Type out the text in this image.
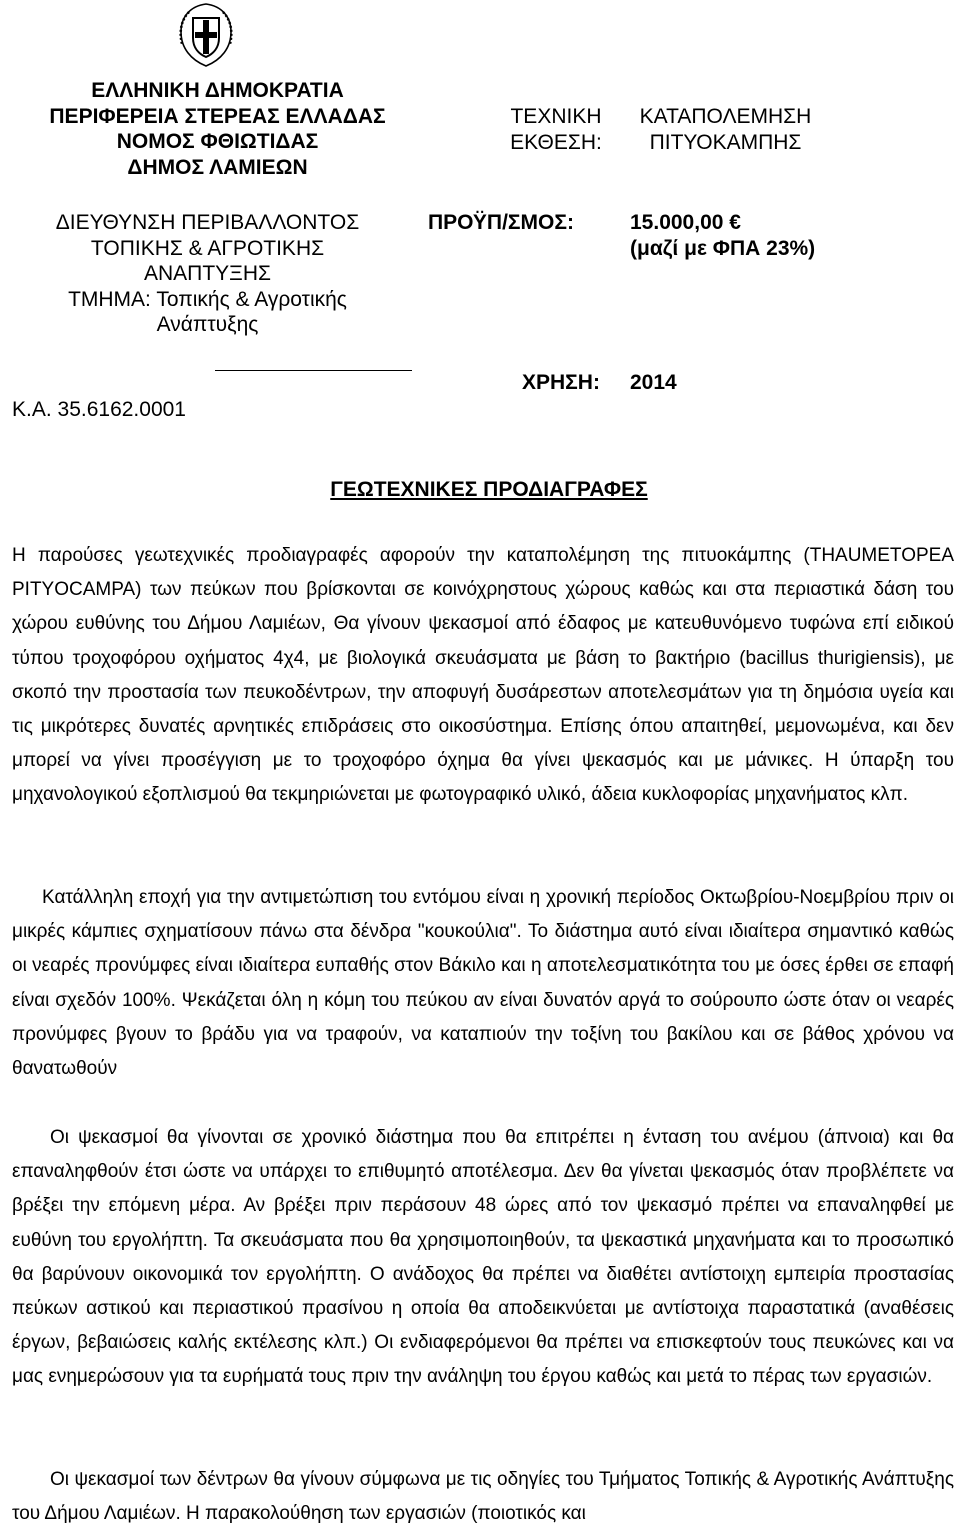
ΕΛΛΗΝΙΚΗ ΔΗΜΟΚΡΑΤΙΑ
ΠΕΡΙΦΕΡΕΙΑ ΣΤΕΡΕΑΣ ΕΛΛΑΔΑΣ
ΝΟΜΟΣ ΦΘΙΩΤΙΔΑΣ
ΔΗΜΟΣ ΛΑΜΙΕΩΝ
ΔΙΕΥΘΥΝΣΗ ΠΕΡΙΒΑΛΛΟΝΤΟΣ
ΤΟΠΙΚΗΣ & ΑΓΡΟΤΙΚΗΣ
ΑΝΑΠΤΥΞΗΣ
ΤΜΗΜΑ: Τοπικής & Αγροτικής
Ανάπτυξης
Κ.Α. 35.6162.0001
ΤΕΧΝΙΚΗ
ΕΚΘΕΣΗ:
ΚΑΤΑΠΟΛΕΜΗΣΗ
ΠΙΤΥΟΚΑΜΠΗΣ
ΠΡΟΫΠ/ΣΜΟΣ:	15.000,00 €
(μαζί με ΦΠΑ 23%)
ΧΡΗΣΗ: 2014
ΓΕΩΤΕΧΝΙΚΕΣ ΠΡΟΔΙΑΓΡΑΦΕΣ
Η παρούσες γεωτεχνικές προδιαγραφές αφορούν την καταπολέμηση της πιτυοκάμπης (THAUMETOPEA PITYOCAMPA) των πεύκων που βρίσκονται σε κοινόχρηστους χώρους καθώς και στα περιαστικά δάση του χώρου ευθύνης του Δήμου Λαμιέων, Θα γίνουν ψεκασμοί από έδαφος με κατευθυνόμενο τυφώνα επί ειδικού τύπου τροχοφόρου οχήματος 4χ4, με βιολογικά σκευάσματα με βάση το βακτήριο (bacillus thurigiensis), με σκοπό την προστασία των πευκοδέντρων, την αποφυγή δυσάρεστων αποτελεσμάτων για τη δημόσια υγεία και τις μικρότερες δυνατές αρνητικές επιδράσεις στο οικοσύστημα. Επίσης όπου απαιτηθεί, μεμονωμένα, και δεν μπορεί να γίνει προσέγγιση με το τροχοφόρο όχημα θα γίνει ψεκασμός και με μάνικες. Η ύπαρξη του μηχανολογικού εξοπλισμού θα τεκμηριώνεται με φωτογραφικό υλικό, άδεια κυκλοφορίας μηχανήματος κλπ.
Κατάλληλη εποχή για την αντιμετώπιση του εντόμου είναι η χρονική περίοδος Οκτωβρίου-Νοεμβρίου πριν οι μικρές κάμπιες σχηματίσουν πάνω στα δένδρα "κουκούλια". Το διάστημα αυτό είναι ιδιαίτερα σημαντικό καθώς οι νεαρές προνύμφες είναι ιδιαίτερα ευπαθής στον Βάκιλο και η αποτελεσματικότητα του με όσες έρθει σε επαφή είναι σχεδόν 100%. Ψεκάζεται όλη η κόμη του πεύκου αν είναι δυνατόν αργά το σούρουπο ώστε όταν οι νεαρές προνύμφες βγουν το βράδυ για να τραφούν, να καταπιούν την τοξίνη του βακίλου και σε βάθος χρόνου να θανατωθούν
Οι ψεκασμοί θα γίνονται σε χρονικό διάστημα που θα επιτρέπει η ένταση του ανέμου (άπνοια) και θα επαναληφθούν έτσι ώστε να υπάρχει το επιθυμητό αποτέλεσμα. Δεν θα γίνεται ψεκασμός όταν προβλέπετε να βρέξει την επόμενη μέρα. Αν βρέξει πριν περάσουν 48 ώρες από τον ψεκασμό πρέπει να επαναληφθεί με ευθύνη του εργολήπτη. Τα σκευάσματα που θα χρησιμοποιηθούν, τα ψεκαστικά μηχανήματα και το προσωπικό θα βαρύνουν οικονομικά τον εργολήπτη. Ο ανάδοχος θα πρέπει να διαθέτει αντίστοιχη εμπειρία προστασίας πεύκων αστικού και περιαστικού πρασίνου η οποία θα αποδεικνύεται με αντίστοιχα παραστατικά (αναθέσεις έργων, βεβαιώσεις καλής εκτέλεσης κλπ.) Οι ενδιαφερόμενοι θα πρέπει να επισκεφτούν τους πευκώνες και να μας ενημερώσουν για τα ευρήματά τους πριν την ανάληψη του έργου καθώς και μετά το πέρας των εργασιών.
Οι ψεκασμοί των δέντρων θα γίνουν σύμφωνα με τις οδηγίες του Τμήματος Τοπικής & Αγροτικής Ανάπτυξης του Δήμου Λαμιέων. Η παρακολούθηση των εργασιών (ποιοτικός και
